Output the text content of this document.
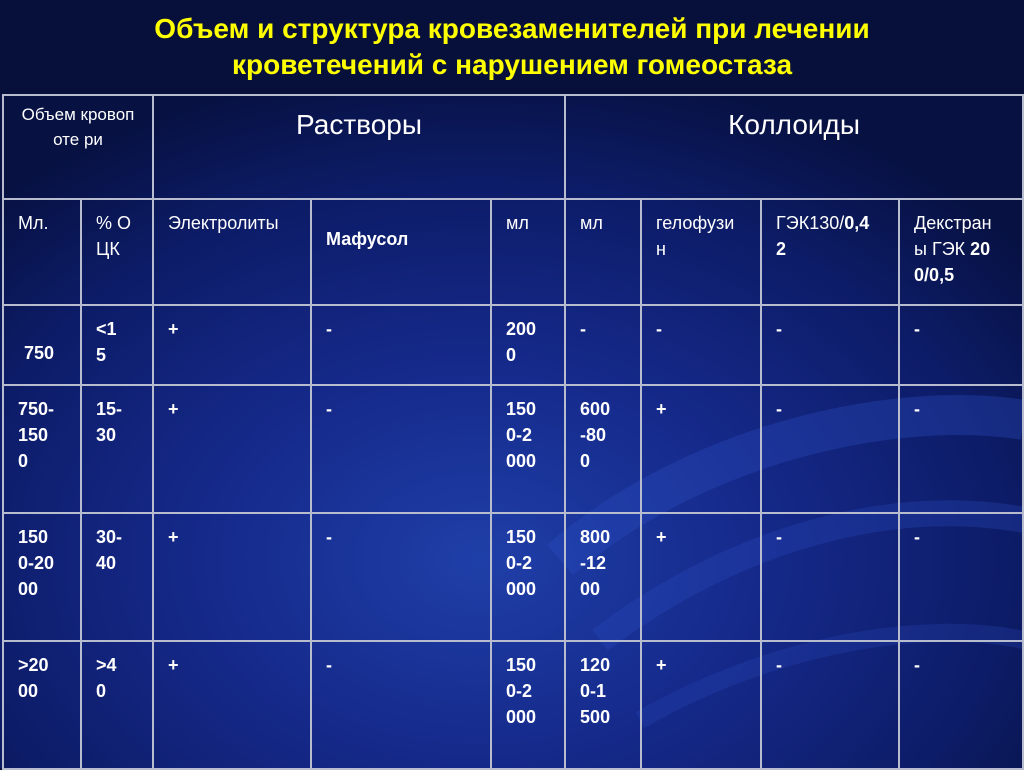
Объем и структура кровезаменителей при лечении
кроветечений с нарушением гомеостаза
Объем кровопоте ри		Растворы			Коллоиды			

Мл.	% ОЦК	Электролиты	Мафусол	мл	мл	гелофузин	ГЭК130/0,42	Декстраны ГЭК 200/0,5

750	<15	+	-	2000	-	-	-	-

750-1500	15-30	+	-	1500-2000	600-800	+	-	-

1500-2000	30-40	+	-	1500-2000	800-1200	+	-	-

>2000	>40	+	-	1500-2000	1200-1500	+	-	-
